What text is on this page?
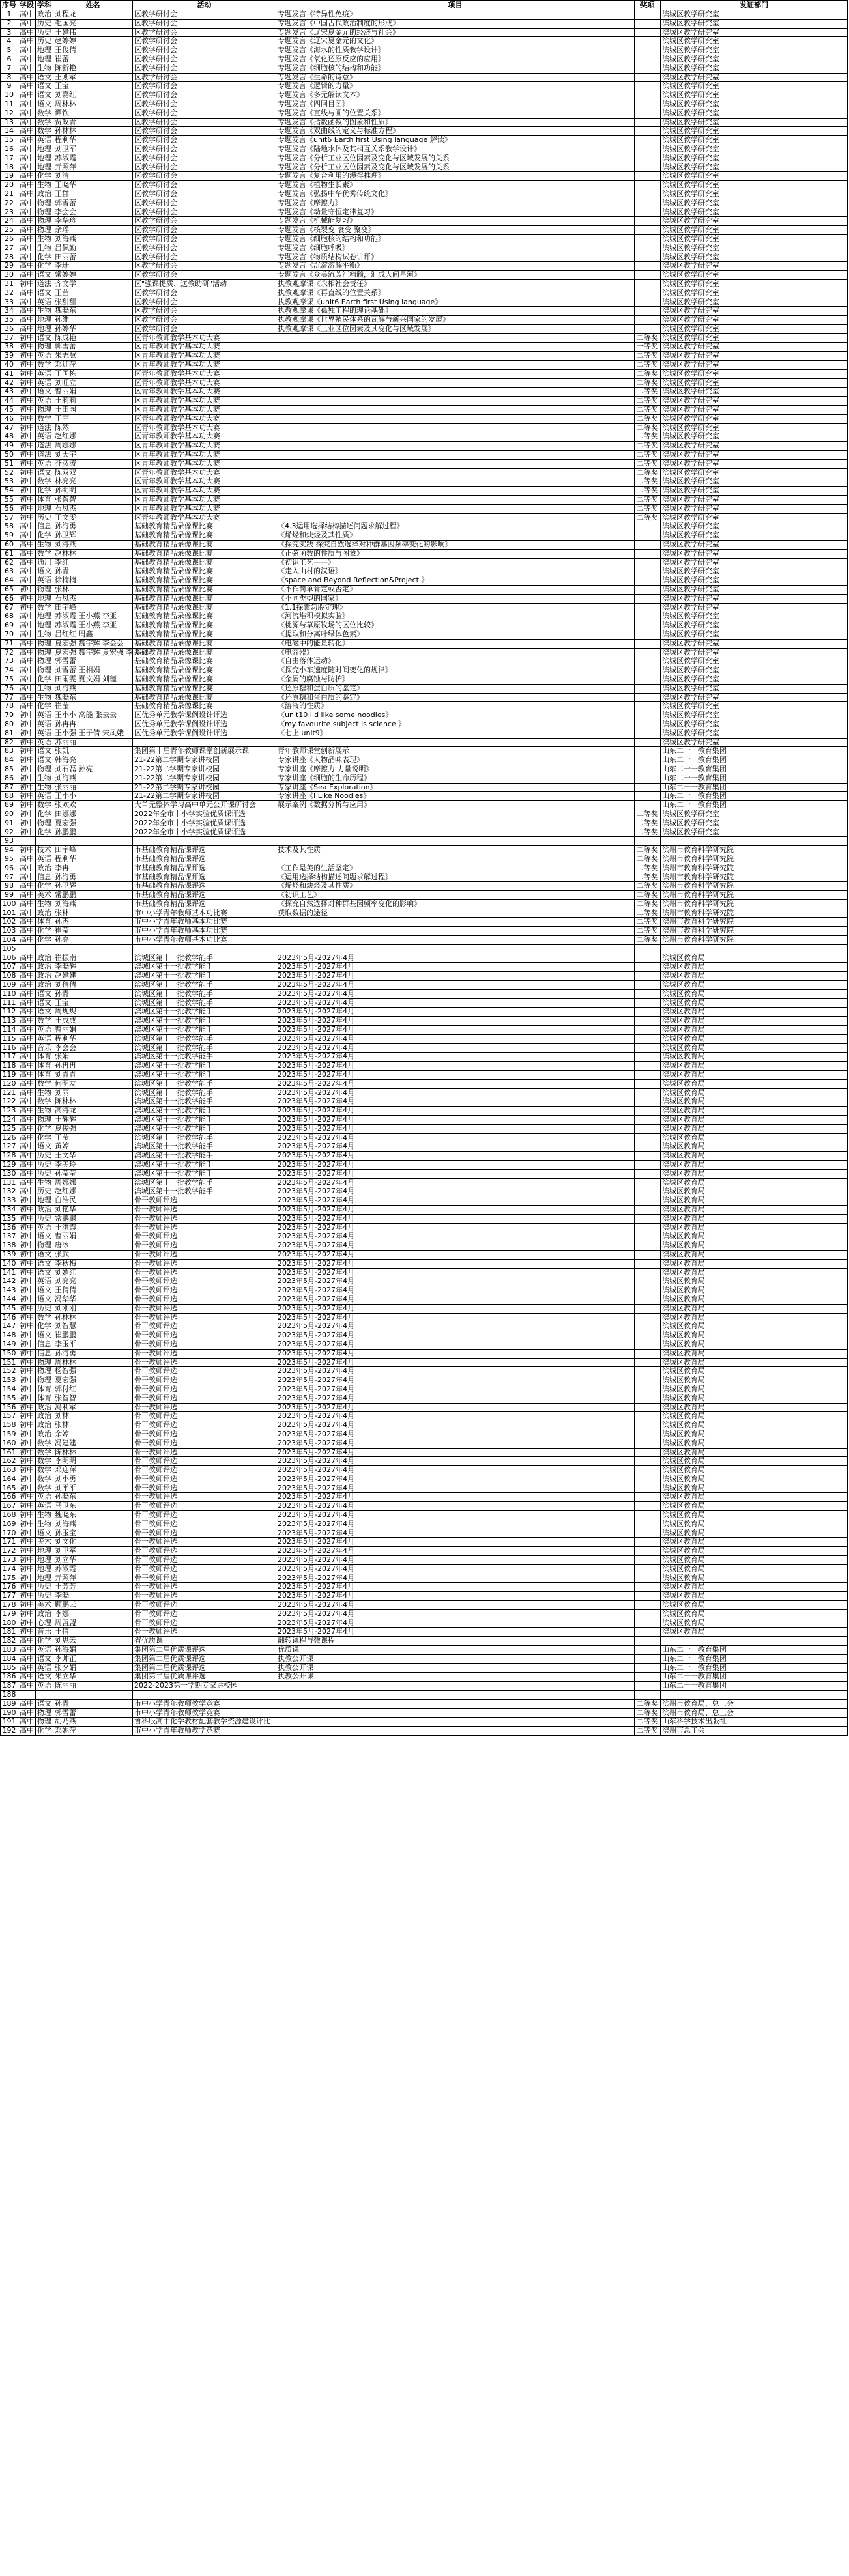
序号	学段	学科	姓名	活动	项目	奖项	发证部门
1	高中	政治	刘程龙	区教学研讨会	专题发言《特异性免疫》		滨城区教学研究室
2	高中	历史	毛国亮	区教学研讨会	专题发言《中国古代政治制度的形成》		滨城区教学研究室
3	高中	历史	王建伟	区教学研讨会	专题发言《辽宋夏金元的经济与社会》		滨城区教学研究室
4	高中	历史	赵婷婷	区教学研讨会	专题发言《辽宋夏金元的文化》		滨城区教学研究室
5	高中	地理	王俊倩	区教学研讨会	专题发言《海水的性质教学设计》		滨城区教学研究室
6	高中	地理	崔蕾	区教学研讨会	专题发言《氧化还原反应的应用》		滨城区教学研究室
7	高中	生物	陈新艳	区教学研讨会	专题发言《细胞核的结构和功能》		滨城区教学研究室
8	高中	语文	王则军	区教学研讨会	专题发言《生命的诗意》		滨城区教学研究室
9	高中	语文	王宝	区教学研讨会	专题发言《逻辑的力量》		滨城区教学研究室
10	高中	语文	刘嘉红	区教学研讨会	专题发言《多元解读文本》		滨城区教学研究室
11	高中	语文	周林林	区教学研讨会	专题发言《四回目图》		滨城区教学研究室
12	高中	数学	谭钦	区教学研讨会	专题发言《直线与圆的位置关系》		滨城区教学研究室
13	高中	数学	贾政青	区教学研讨会	专题发言《指数函数的图象和性质》		滨城区教学研究室
14	高中	数学	孙林林	区教学研讨会	专题发言《双曲线的定义与标准方程》		滨城区教学研究室
15	高中	英语	程利华	区教学研讨会	专题发言《unit6 Earth first Using language 解读》		滨城区教学研究室
16	高中	地理	刘卫军	区教学研讨会	专题发言《陆地水体及其相互关系教学设计》		滨城区教学研究室
17	高中	地理	苏淑霞	区教学研讨会	专题发言《分析工业区位因素及变化与区域发展的关系		滨城区教学研究室
18	高中	地理	亓照萍	区教学研讨会	专题发言《分析工业区位因素及变化与区域发展的关系		滨城区教学研究室
19	高中	化学	刘清	区教学研讨会	专题发言《复合利用的漫得推理》		滨城区教学研究室
20	高中	生物	王晓华	区教学研讨会	专题发言《植物生长素》		滨城区教学研究室
21	高中	政治	王群	区教学研讨会	专题发言《弘扬中华优秀传统文化》		滨城区教学研究室
22	高中	物理	郭雪蕾	区教学研讨会	专题发言《摩擦力》		滨城区教学研究室
23	高中	物理	李会会	区教学研讨会	专题发言《动量守恒定律复习》		滨城区教学研究室
24	高中	物理	李华珍	区教学研讨会	专题发言《机械能复习》		滨城区教学研究室
25	高中	物理	余瑶	区教学研讨会	专题发言《核裂变 衰变 聚变》		滨城区教学研究室
26	高中	生物	刘海燕	区教学研讨会	专题发言《细胞核的结构和功能》		滨城区教学研究室
27	高中	生物	吕佩勤	区教学研讨会	专题发言《细胞呼吸》		滨城区教学研究室
28	高中	化学	田丽蕾	区教学研讨会	专题发言《物质结构试卷讲评》		滨城区教学研究室
29	高中	化学	李珊	区教学研讨会	专题发言《沉淀溶解平衡》		滨城区教学研究室
30	高中	语文	常婷婷	区教学研讨会	专题发言《众美流芳汇精髓，汇成人间星河》		滨城区教学研究室
31	初中	道法	齐文学	区"强课提质、送教助研"活动	执教观摩课《永相社会责任》		滨城区教学研究室
32	高中	语文	王茜	区教学研讨会	执教观摩课《再直线的位置关系》		滨城区教学研究室
33	高中	英语	张甜甜	区教学研讨会	执教观摩课《unit6 Earth first Using language》		滨城区教学研究室
34	高中	生物	魏晓东	区教学研讨会	执教观摩课《孤独工程的理论基础》		滨城区教学研究室
35	高中	地理	孙维	区教学研讨会	执教观摩课《世界殖民体系的瓦解与新兴国家的发展》		滨城区教学研究室
36	高中	地理	孙婷华	区教学研讨会	执教观摩课《工业区位因素及其变化与区域发展》		滨城区教学研究室
37	初中	语文	陈成艳	区青年教师教学基本功大赛		二等奖	滨城区教学研究室
38	初中	物理	郭雪蕾	区青年教师教学基本功大赛		一等奖	滨城区教学研究室
39	初中	英语	朱志慧	区青年教师教学基本功大赛		二等奖	滨城区教学研究室
40	初中	数学	邓迎萍	区青年教师教学基本功大赛		二等奖	滨城区教学研究室
41	初中	英语	王国栋	区青年教师教学基本功大赛		二等奖	滨城区教学研究室
42	初中	英语	刘旺立	区青年教师教学基本功大赛		二等奖	滨城区教学研究室
43	初中	语文	曹丽娟	区青年教师教学基本功大赛		二等奖	滨城区教学研究室
44	初中	英语	王莉莉	区青年教师教学基本功大赛		二等奖	滨城区教学研究室
45	初中	物理	王田园	区青年教师教学基本功大赛		二等奖	滨城区教学研究室
46	初中	数学	王丽	区青年教师教学基本功大赛		二等奖	滨城区教学研究室
47	初中	道法	陈然	区青年教师教学基本功大赛		二等奖	滨城区教学研究室
48	初中	英语	赵红娜	区青年教师教学基本功大赛		二等奖	滨城区教学研究室
49	初中	道法	周娜娜	区青年教师教学基本功大赛		二等奖	滨城区教学研究室
50	初中	道法	刘天宇	区青年教师教学基本功大赛		二等奖	滨城区教学研究室
51	初中	英语	齐彦涛	区青年教师教学基本功大赛		二等奖	滨城区教学研究室
52	初中	语文	陈双双	区青年教师教学基本功大赛		二等奖	滨城区教学研究室
53	初中	数学	林亮亮	区青年教师教学基本功大赛		二等奖	滨城区教学研究室
54	初中	化学	孙明明	区青年教师教学基本功大赛		二等奖	滨城区教学研究室
55	初中	体育	张智智	区青年教师教学基本功大赛		二等奖	滨城区教学研究室
56	初中	地理	石凤杰	区青年教师教学基本功大赛		二等奖	滨城区教学研究室
57	初中	历史	王文雯	区青年教师教学基本功大赛		二等奖	滨城区教学研究室
58	高中	信息	孙海勇	基础教育精品录像课比赛	《4.3运用选择结构描述问题求解过程》		滨城区教学研究室
59	高中	化学	孙卫辉	基础教育精品录像课比赛	《烯烃和炔烃及其性质》		滨城区教学研究室
60	高中	生物	刘海燕	基础教育精品录像课比赛	《探究实践 探究自然选择对种群基因频率变化的影响》		滨城区教学研究室
61	高中	数学	赵林林	基础教育精品录像课比赛	《正弦函数的性质与图象》		滨城区教学研究室
62	高中	通用	李红	基础教育精品录像课比赛	《初识工艺——》		滨城区教学研究室
63	高中	语文	孙青	基础教育精品录像课比赛	《走入山村的汉语》		滨城区教学研究室
64	高中	英语	徐楠楠	基础教育精品录像课比赛	《space and Beyond Reflection&Project 》		滨城区教学研究室
65	初中	物理	张林	基础教育精品录像课比赛	《不作简单肯定或否定》		滨城区教学研究室
66	初中	地理	石凤杰	基础教育精品录像课比赛	《不同类型的国家》		滨城区教学研究室
67	初中	数学	田宇峰	基础教育精品录像课比赛	《1.1探索勾股定理》		滨城区教学研究室
68	高中	地理	苏淑霞 王小燕 李亚	基础教育精品录像课比赛	《河流堆积模拟实验》		滨城区教学研究室
69	高中	地理	苏淑霞 王小燕 李亚	基础教育精品录像课比赛	《桃源与草原牧场的区位比较》		滨城区教学研究室
70	高中	生物	吕红红 周鑫	基础教育精品录像课比赛	《提取和分离叶绿体色素》		滨城区教学研究室
71	高中	物理	夏宏强 魏宇辉 李会会	基础教育精品录像课比赛	《电磁中的能量转化》		滨城区教学研究室
72	高中	物理	夏宏强 魏宇辉 夏宏强 李会会	基础教育精品录像课比赛	《电容器》		滨城区教学研究室
73	高中	物理	郭雪蕾	基础教育精品录像课比赛	《自由落体运动》		滨城区教学研究室
74	高中	物理	刘雪蕾 王相娟	基础教育精品录像课比赛	《探究小车速度随时间变化的规律》		滨城区教学研究室
75	高中	化学	田雨雯 夏文娟 刘瑾	基础教育精品录像课比赛	《金属的腐蚀与防护》		滨城区教学研究室
76	高中	生物	刘海燕	基础教育精品录像课比赛	《还原糖和蛋白质的鉴定》		滨城区教学研究室
77	高中	生物	魏晓东	基础教育精品录像课比赛	《还原糖和蛋白质的鉴定》		滨城区教学研究室
78	高中	化学	崔莹	基础教育精品录像课比赛	《溶液的性质》		滨城区教学研究室
79	初中	英语	王小小 高能 张云云	区优秀单元教学课例设计评选	《unit10 I'd like some noodles》		滨城区教学研究室
80	初中	英语	孙冉冉	区优秀单元教学课例设计评选	《my favourite subject is science 》		滨城区教学研究室
81	初中	英语	王小强 王子倩 宋凤娥	区优秀单元教学课例设计评选	《七上 unit9》		滨城区教学研究室
82	初中	英语	苏丽丽				滨城区教学研究室
83	初中	语文	张凯	集团第十届青年教师课堂创新展示课	青年教师课堂创新展示		山东二十一教育集团
84	初中	语文	韩海亮	21-22第二学期专家讲校园	专家讲座《人物品味表现》		山东二十一教育集团
85	初中	物理	刘石磊 孙亮	21-22第二学期专家讲校园	专家讲座《摩擦力 力量说明》		山东二十一教育集团
86	初中	生物	刘海燕	21-22第二学期专家讲校园	专家讲座《细胞的生命历程》		山东二十一教育集团
87	初中	生物	张丽丽	21-22第二学期专家讲校园	专家讲座《Sea Exploration》		山东二十一教育集团
88	初中	英语	王小小	21-22第二学期专家讲校园	专家讲座《I Like Noodles》		山东二十一教育集团
89	初中	数学	张欢欢	大单元整体学习高中单元公开课研讨会	展示案例《数据分析与应用》		山东二十一教育集团
90	初中	化学	田娜娜	2022年全市中小学实验优质课评选		二等奖	滨城区教学研究室
91	初中	物理	夏宏强	2022年全市中小学实验优质课评选		二等奖	滨城区教学研究室
92	初中	化学	孙鹏鹏	2022年全市中小学实验优质课评选		二等奖	滨城区教学研究室
93							
94	初中	技术	田宇峰	市基础教育精品课评选	技术及其性质	二等奖	滨州市教育科学研究院
95	高中	英语	程利华	市基础教育精品课评选		二等奖	滨州市教育科学研究院
96	高中	政治	李冉	市基础教育精品课评选	《工作是美的生活坚定》	二等奖	滨州市教育科学研究院
97	高中	信息	孙海勇	市基础教育精品课评选	《运用选择结构描述问题求解过程》	二等奖	滨州市教育科学研究院
98	高中	化学	孙卫辉	市基础教育精品课评选	《烯烃和炔烃及其性质》	二等奖	滨州市教育科学研究院
99	高中	美术	常鹏鹏	市基础教育精品课评选	《初识工艺》	二等奖	滨州市教育科学研究院
100	高中	生物	刘海燕	市基础教育精品课评选	《探究自然选择对种群基因频率变化的影响》	二等奖	滨州市教育科学研究院
101	高中	政治	张林	市中小学青年教师基本功比赛	获取数据的途径	二等奖	滨州市教育科学研究院
102	高中	体育	孙杰	市中小学青年教师基本功比赛		二等奖	滨州市教育科学研究院
103	高中	化学	崔莹	市中小学青年教师基本功比赛		二等奖	滨州市教育科学研究院
104	高中	化学	孙亮	市中小学青年教师基本功比赛		二等奖	滨州市教育科学研究院
105							
106	高中	政治	崔振南	滨城区第十一批教学能手	2023年5月-2027年4月		滨城区教育局
107	高中	政治	李晓辉	滨城区第十一批教学能手	2023年5月-2027年4月		滨城区教育局
108	高中	政治	赵建建	滨城区第十一批教学能手	2023年5月-2027年4月		滨城区教育局
109	高中	政治	刘倩倩	滨城区第十一批教学能手	2023年5月-2027年4月		滨城区教育局
110	高中	语文	孙青	滨城区第十一批教学能手	2023年5月-2027年4月		滨城区教育局
111	高中	语文	王宝	滨城区第十一批教学能手	2023年5月-2027年4月		滨城区教育局
112	高中	语文	周规规	滨城区第十一批教学能手	2023年5月-2027年4月		滨城区教育局
113	高中	数学	王成成	滨城区第十一批教学能手	2023年5月-2027年4月		滨城区教育局
114	高中	英语	曹丽娟	滨城区第十一批教学能手	2023年5月-2027年4月		滨城区教育局
115	高中	英语	程利华	滨城区第十一批教学能手	2023年5月-2027年4月		滨城区教育局
116	高中	音乐	李会会	滨城区第十一批教学能手	2023年5月-2027年4月		滨城区教育局
117	高中	体育	张娟	滨城区第十一批教学能手	2023年5月-2027年4月		滨城区教育局
118	高中	体育	孙冉冉	滨城区第十一批教学能手	2023年5月-2027年4月		滨城区教育局
119	高中	体育	刘青青	滨城区第十一批教学能手	2023年5月-2027年4月		滨城区教育局
120	高中	数学	何明友	滨城区第十一批教学能手	2023年5月-2027年4月		滨城区教育局
121	高中	生物	刘丽	滨城区第十一批教学能手	2023年5月-2027年4月		滨城区教育局
122	高中	数学	陈林林	滨城区第十一批教学能手	2023年5月-2027年4月		滨城区教育局
123	高中	生物	高海龙	滨城区第十一批教学能手	2023年5月-2027年4月		滨城区教育局
124	高中	物理	王辉辉	滨城区第十一批教学能手	2023年5月-2027年4月		滨城区教育局
125	高中	化学	夏俊强	滨城区第十一批教学能手	2023年5月-2027年4月		滨城区教育局
126	高中	化学	王莹	滨城区第十一批教学能手	2023年5月-2027年4月		滨城区教育局
127	高中	语文	黄婷	滨城区第十一批教学能手	2023年5月-2027年4月		滨城区教育局
128	高中	历史	王文华	滨城区第十一批教学能手	2023年5月-2027年4月		滨城区教育局
129	高中	历史	李美玲	滨城区第十一批教学能手	2023年5月-2027年4月		滨城区教育局
130	高中	历史	孙莹莹	滨城区第十一批教学能手	2023年5月-2027年4月		滨城区教育局
131	高中	生物	周娜娜	滨城区第十一批教学能手	2023年5月-2027年4月		滨城区教育局
132	高中	历史	赵红娜	滨城区第十一批教学能手	2023年5月-2027年4月		滨城区教育局
133	初中	地理	白浩民	骨干教师评选	2023年5月-2027年4月		滨城区教育局
134	初中	政治	刘艳华	骨干教师评选	2023年5月-2027年4月		滨城区教育局
135	初中	历史	常鹏鹏	骨干教师评选	2023年5月-2027年4月		滨城区教育局
136	初中	英语	王洪霞	骨干教师评选	2023年5月-2027年4月		滨城区教育局
137	初中	语文	曹丽娟	骨干教师评选	2023年5月-2027年4月		滨城区教育局
138	初中	物理	唐冰	骨干教师评选	2023年5月-2027年4月		滨城区教育局
139	初中	语文	张武	骨干教师评选	2023年5月-2027年4月		滨城区教育局
140	初中	语文	李秋梅	骨干教师评选	2023年5月-2027年4月		滨城区教育局
141	初中	语文	刘媚红	骨干教师评选	2023年5月-2027年4月		滨城区教育局
142	初中	英语	刘亮亮	骨干教师评选	2023年5月-2027年4月		滨城区教育局
143	初中	语文	王倩倩	骨干教师评选	2023年5月-2027年4月		滨城区教育局
144	初中	语文	冯华华	骨干教师评选	2023年5月-2027年4月		滨城区教育局
145	初中	历史	刘刚刚	骨干教师评选	2023年5月-2027年4月		滨城区教育局
146	初中	数学	孙林林	骨干教师评选	2023年5月-2027年4月		滨城区教育局
147	初中	化学	刘智慧	骨干教师评选	2023年5月-2027年4月		滨城区教育局
148	初中	语文	崔鹏鹏	骨干教师评选	2023年5月-2027年4月		滨城区教育局
149	初中	信息	李玉平	骨干教师评选	2023年5月-2027年4月		滨城区教育局
150	初中	信息	孙海勇	骨干教师评选	2023年5月-2027年4月		滨城区教育局
151	初中	物理	周林林	骨干教师评选	2023年5月-2027年4月		滨城区教育局
152	初中	物理	杨智强	骨干教师评选	2023年5月-2027年4月		滨城区教育局
153	初中	物理	夏宏强	骨干教师评选	2023年5月-2027年4月		滨城区教育局
154	初中	体育	郭付红	骨干教师评选	2023年5月-2027年4月		滨城区教育局
155	初中	体育	张智智	骨干教师评选	2023年5月-2027年4月		滨城区教育局
156	初中	政治	冯利军	骨干教师评选	2023年5月-2027年4月		滨城区教育局
157	初中	政治	刘林	骨干教师评选	2023年5月-2027年4月		滨城区教育局
158	初中	政治	张林	骨干教师评选	2023年5月-2027年4月		滨城区教育局
159	初中	政治	余婷	骨干教师评选	2023年5月-2027年4月		滨城区教育局
160	初中	数学	冯建建	骨干教师评选	2023年5月-2027年4月		滨城区教育局
161	初中	数学	陈林林	骨干教师评选	2023年5月-2027年4月		滨城区教育局
162	初中	数学	李明明	骨干教师评选	2023年5月-2027年4月		滨城区教育局
163	初中	数学	邓迎萍	骨干教师评选	2023年5月-2027年4月		滨城区教育局
164	初中	数学	刘小勇	骨干教师评选	2023年5月-2027年4月		滨城区教育局
165	初中	数学	刘平平	骨干教师评选	2023年5月-2027年4月		滨城区教育局
166	初中	英语	孙晓东	骨干教师评选	2023年5月-2027年4月		滨城区教育局
167	初中	英语	马卫东	骨干教师评选	2023年5月-2027年4月		滨城区教育局
168	初中	生物	魏晓东	骨干教师评选	2023年5月-2027年4月		滨城区教育局
169	初中	生物	刘海燕	骨干教师评选	2023年5月-2027年4月		滨城区教育局
170	初中	语文	孙玉宝	骨干教师评选	2023年5月-2027年4月		滨城区教育局
171	初中	美术	刘文化	骨干教师评选	2023年5月-2027年4月		滨城区教育局
172	初中	地理	刘卫军	骨干教师评选	2023年5月-2027年4月		滨城区教育局
173	初中	地理	刘立华	骨干教师评选	2023年5月-2027年4月		滨城区教育局
174	初中	地理	苏淑霞	骨干教师评选	2023年5月-2027年4月		滨城区教育局
175	初中	地理	亓照萍	骨干教师评选	2023年5月-2027年4月		滨城区教育局
176	初中	历史	王芳芳	骨干教师评选	2023年5月-2027年4月		滨城区教育局
177	初中	历史	李晓	骨干教师评选	2023年5月-2027年4月		滨城区教育局
178	初中	美术	顾鹏云	骨干教师评选	2023年5月-2027年4月		滨城区教育局
179	初中	政治	李娜	骨干教师评选	2023年5月-2027年4月		滨城区教育局
180	初中	心理	周盟盟	骨干教师评选	2023年5月-2027年4月		滨城区教育局
181	初中	音乐	王倩	骨干教师评选	2023年5月-2027年4月		滨城区教育局
182	高中	化学	刘思云	省优质课	翻转课程与微课程		
183	高中	英语	孙海娟	集团第二届优质课评选	优质课		山东二十一教育集团
184	高中	语文	李帅正	集团第二届优质课评选	执教公开课		山东二十一教育集团
185	高中	英语	张夕娟	集团第二届优质课评选	执教公开课		山东二十一教育集团
186	高中	语文	朱立华	集团第二届优质课评选	执教公开课		山东二十一教育集团
187	高中	英语	陈丽丽	2022-2023第一学期专家讲校园			山东二十一教育集团
188							
189	高中	语文	孙青	市中小学青年教师教学竞赛		二等奖	滨州市教育局、总工会
190	高中	物理	郭雪蕾	市中小学青年教师教学竞赛		二等奖	滨州市教育局、总工会
191	高中	物理	胡乃燕	鲁科版高中化学教材配套教学资源建设评比		二等奖	山东科学技术出版社
192	高中	化学	邓妮萍	市中小学青年教师教学竞赛		二等奖	滨州市总工会
